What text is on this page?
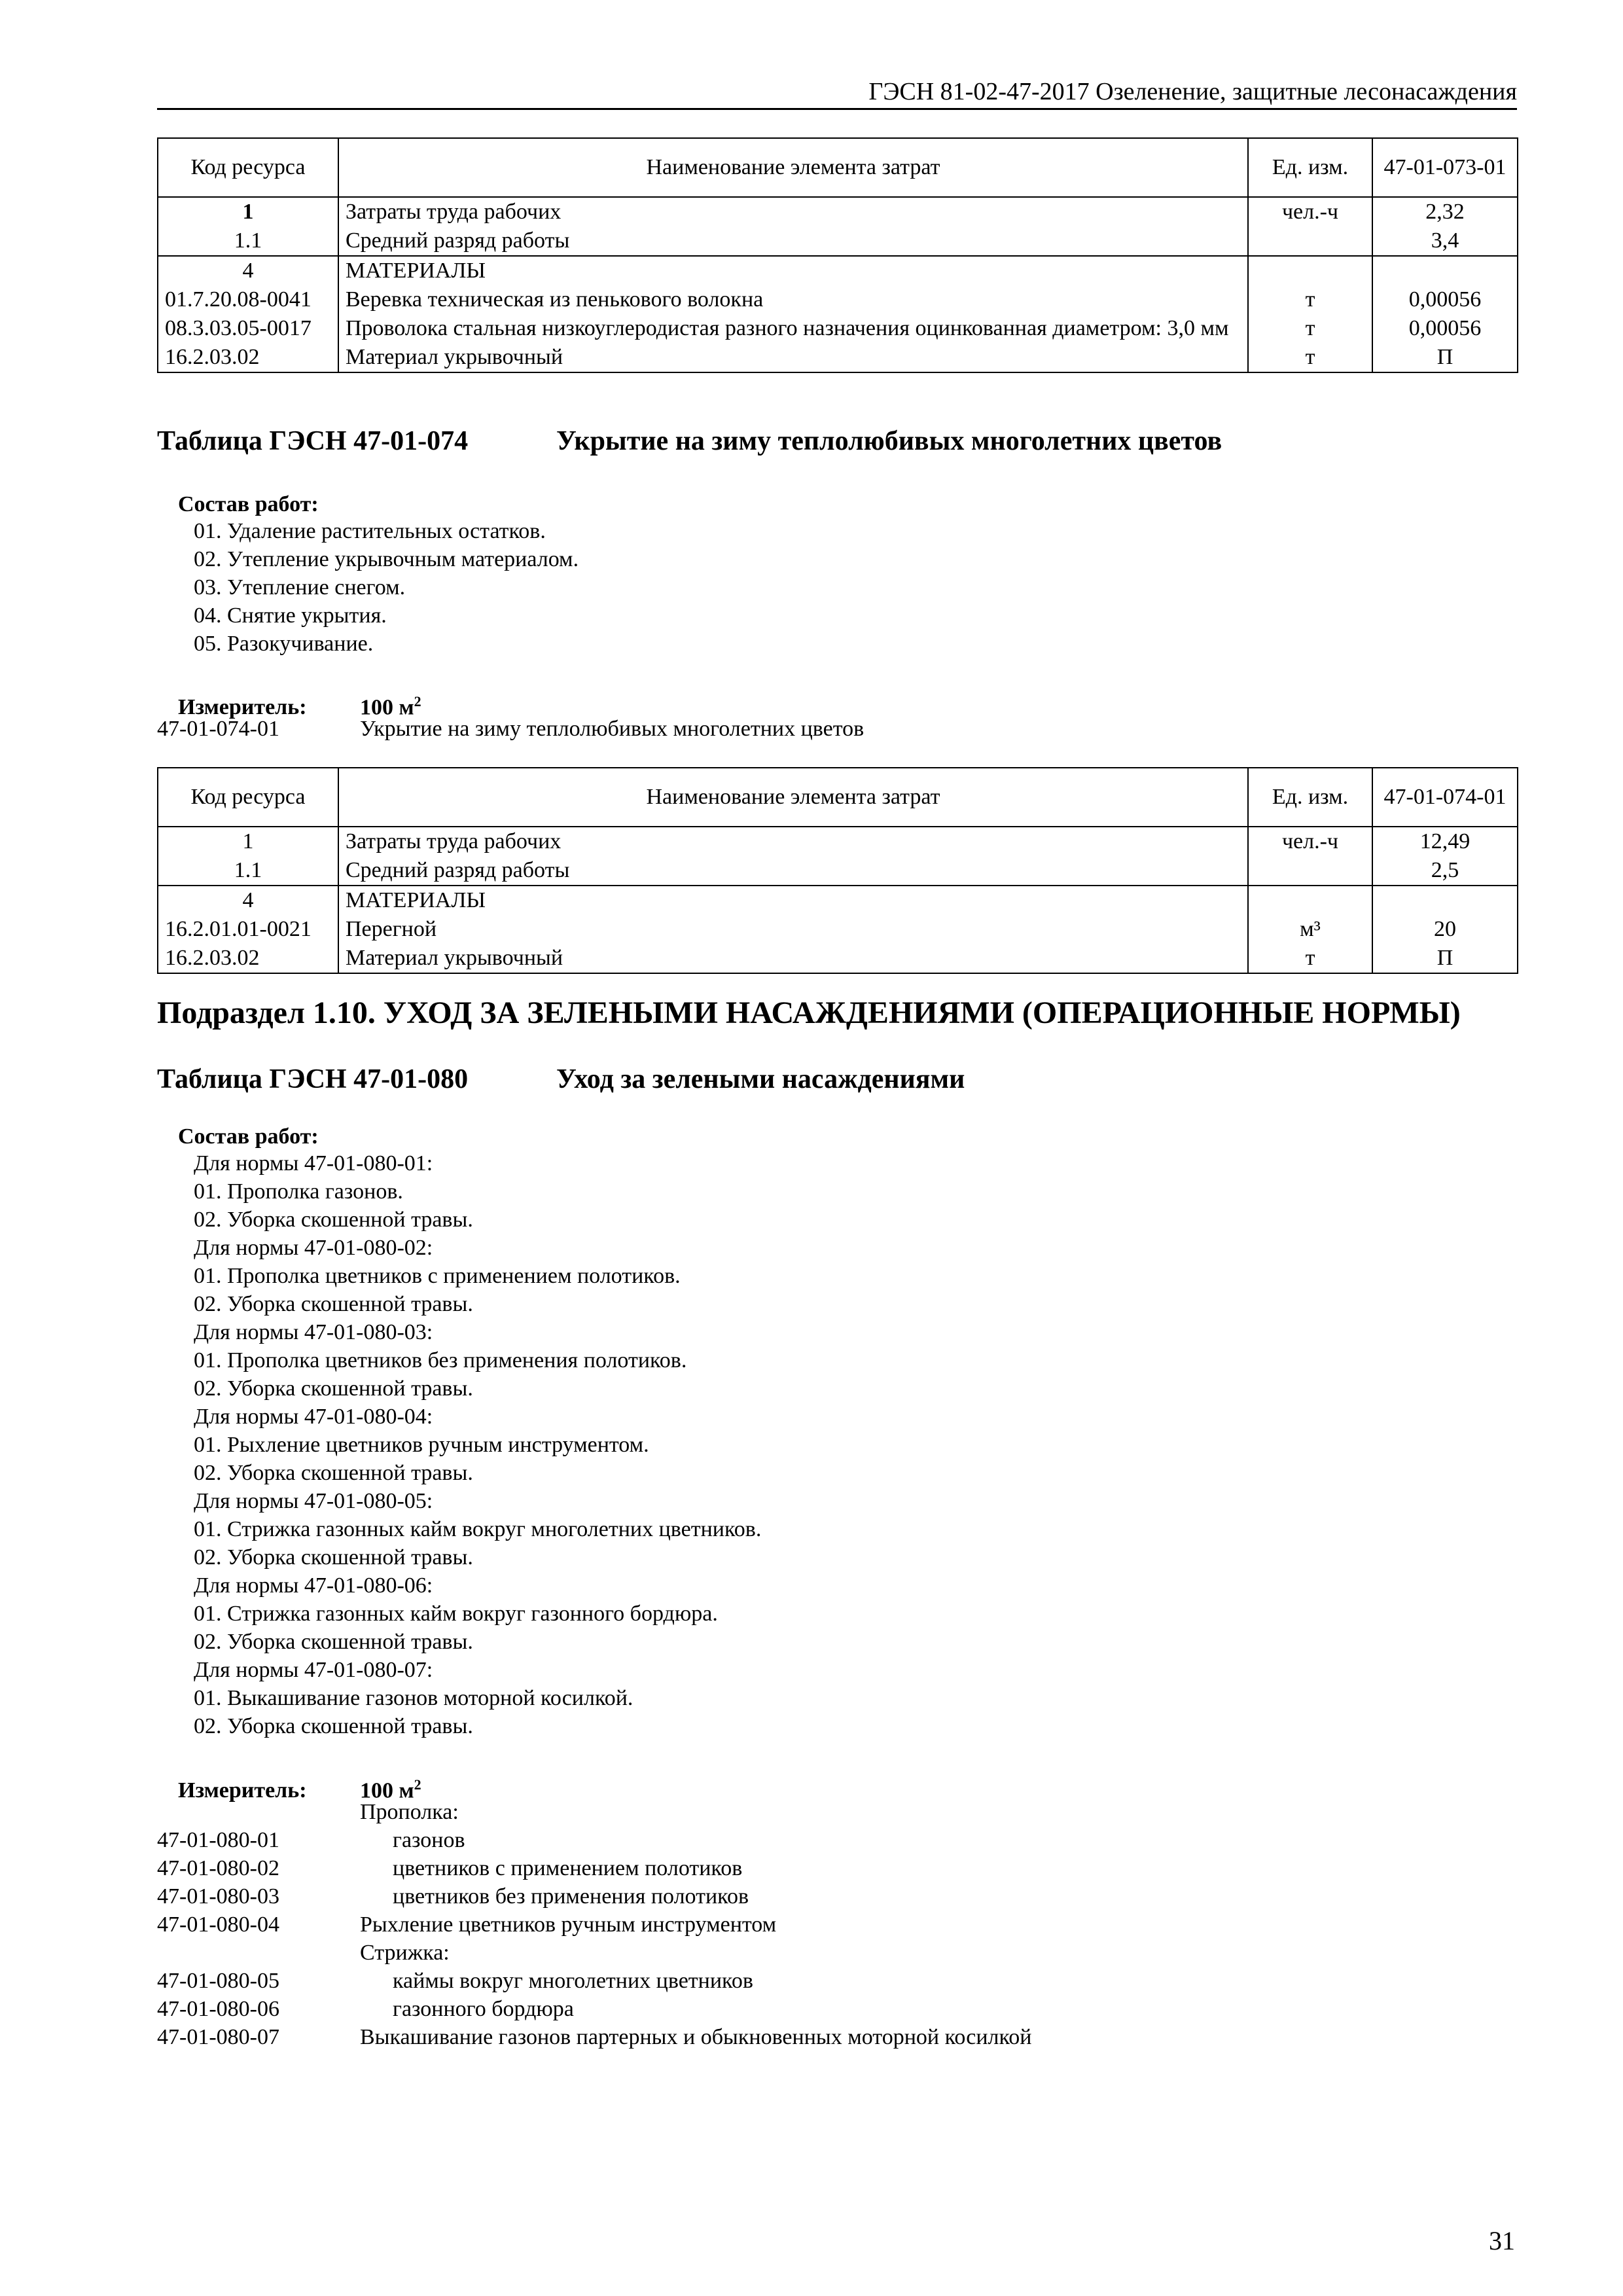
ГЭСН 81-02-47-2017 Озеленение, защитные лесонасаждения
Код ресурса	Наименование элемента затрат	Ед. изм.	47-01-073-01
1	Затраты труда рабочих	чел.-ч	2,32
1.1	Средний разряд работы		3,4
4	МАТЕРИАЛЫ		
01.7.20.08-0041	Веревка техническая из пенькового волокна	т	0,00056
08.3.03.05-0017	Проволока стальная низкоуглеродистая разного назначения оцинкованная диаметром: 3,0 мм	т	0,00056
16.2.03.02	Материал укрывочный	т	П
Таблица ГЭСН 47-01-074	Укрытие на зиму теплолюбивых многолетних цветов
Состав работ:
01. Удаление растительных остатков.
02. Утепление укрывочным материалом.
03. Утепление снегом.
04. Снятие укрытия.
05. Разокучивание.
Измеритель: 100 $м^2$
47-01-074-01	Укрытие на зиму теплолюбивых многолетних цветов
Код ресурса	Наименование элемента затрат	Ед. изм.	47-01-074-01
1	Затраты труда рабочих	чел.-ч	12,49
1.1	Средний разряд работы		2,5
4	МАТЕРИАЛЫ		
16.2.01.01-0021	Перегной	м³	20
16.2.03.02	Материал укрывочный	т	П
Подраздел 1.10. УХОД ЗА ЗЕЛЕНЫМИ НАСАЖДЕНИЯМИ (ОПЕРАЦИОННЫЕ НОРМЫ)
Таблица ГЭСН 47-01-080	Уход за зелеными насаждениями
Состав работ:
Для нормы 47-01-080-01:
01. Прополка газонов.
02. Уборка скошенной травы.
Для нормы 47-01-080-02:
01. Прополка цветников с применением полотиков.
02. Уборка скошенной травы.
Для нормы 47-01-080-03:
01. Прополка цветников без применения полотиков.
02. Уборка скошенной травы.
Для нормы 47-01-080-04:
01. Рыхление цветников ручным инструментом.
02. Уборка скошенной травы.
Для нормы 47-01-080-05:
01. Стрижка газонных кайм вокруг многолетних цветников.
02. Уборка скошенной травы.
Для нормы 47-01-080-06:
01. Стрижка газонных кайм вокруг газонного бордюра.
02. Уборка скошенной травы.
Для нормы 47-01-080-07:
01. Выкашивание газонов моторной косилкой.
02. Уборка скошенной травы.
Измеритель: 100 $м^2$
Прополка:
47-01-080-01	газонов
47-01-080-02	цветников с применением полотиков
47-01-080-03	цветников без применения полотиков
47-01-080-04	Рыхление цветников ручным инструментом
Стрижка:
47-01-080-05	каймы вокруг многолетних цветников
47-01-080-06	газонного бордюра
47-01-080-07	Выкашивание газонов партерных и обыкновенных моторной косилкой
31
